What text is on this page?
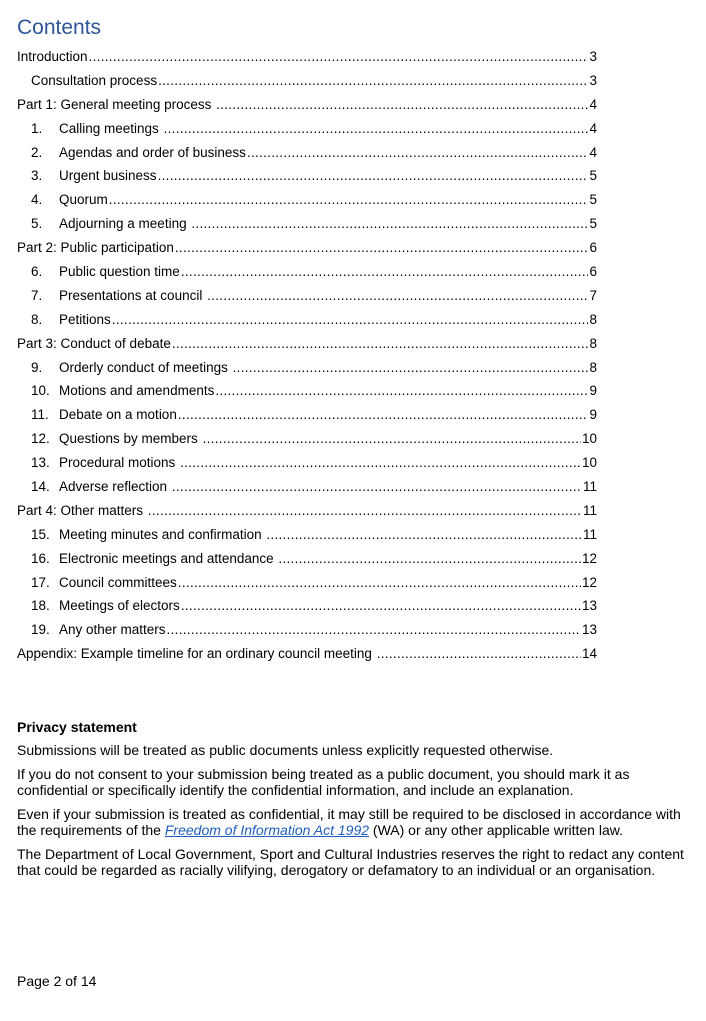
Contents
Introduction .....	3
Consultation process .....	3
Part 1: General meeting process .....	4
1.	Calling meetings .....	4
2.	Agendas and order of business .....	4
3.	Urgent business .....	5
4.	Quorum .....	5
5.	Adjourning a meeting .....	5
Part 2: Public participation .....	6
6.	Public question time .....	6
7.	Presentations at council .....	7
8.	Petitions .....	8
Part 3: Conduct of debate .....	8
9.	Orderly conduct of meetings .....	8
10. Motions and amendments .....	9
11. Debate on a motion .....	9
12. Questions by members .....	10
13. Procedural motions .....	10
14. Adverse reflection .....	11
Part 4: Other matters .....	11
15. Meeting minutes and confirmation .....	11
16. Electronic meetings and attendance .....	12
17. Council committees .....	12
18. Meetings of electors .....	13
19. Any other matters .....	13
Appendix: Example timeline for an ordinary council meeting .....	14
Privacy statement

Submissions will be treated as public documents unless explicitly requested otherwise.

If you do not consent to your submission being treated as a public document, you should mark it as confidential or specifically identify the confidential information, and include an explanation.

Even if your submission is treated as confidential, it may still be required to be disclosed in accordance with the requirements of the Freedom of Information Act 1992 (WA) or any other applicable written law.

The Department of Local Government, Sport and Cultural Industries reserves the right to redact any content that could be regarded as racially vilifying, derogatory or defamatory to an individual or an organisation.

Page 2 of 14
